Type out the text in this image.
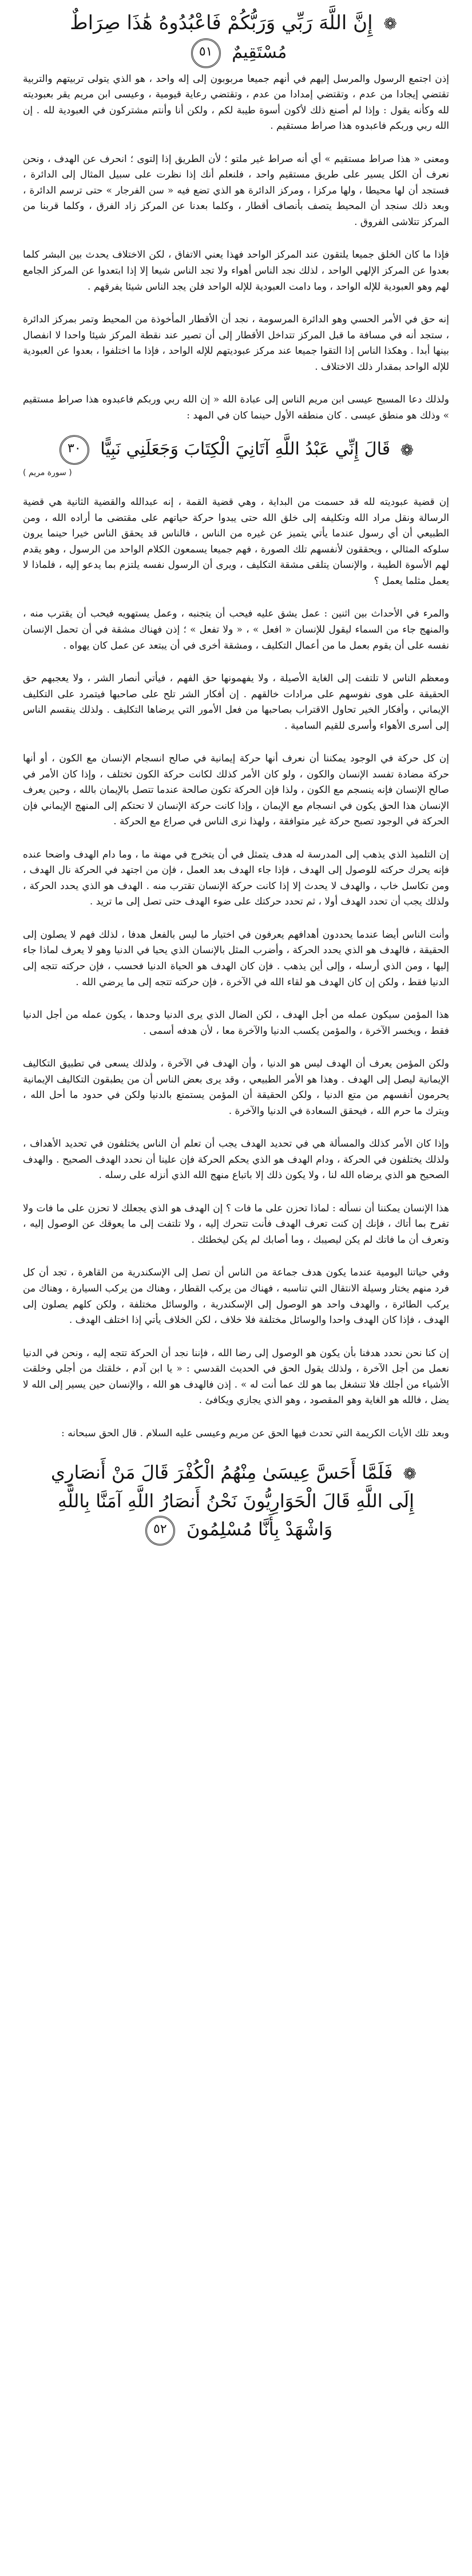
❁ إِنَّ اللَّهَ رَبِّي وَرَبُّكُمْ فَاعْبُدُوهُ هَٰذَا صِرَاطٌ
مُسْتَقِيمٌ ٥١

إذن اجتمع الرسول والمرسل إليهم في أنهم جميعا مربوبون إلى إله واحد ، هو الذي يتولى تربيتهم والتربية تقتضي إيجادا من عدم ، وتقتضي إمدادا من عدم ، وتقتضي رعاية قيومية ، وعيسى ابن مريم يقر بعبوديته لله وكأنه يقول : وإذا لم أصنع ذلك لأكون أسوة طيبة لكم ، ولكن أنا وأنتم مشتركون في العبودية لله . إن الله ربي وربكم فاعبدوه هذا صراط مستقيم .

ومعنى « هذا صراط مستقيم » أي أنه صراط غير ملتو ؛ لأن الطريق إذا إلتوى ؛ انحرف عن الهدف ، ونحن نعرف أن الكل يسير على طريق مستقيم واحد ، فلنعلم أنك إذا نظرت على سبيل المثال إلى الدائرة ، فستجد أن لها محيطا ، ولها مركزا ، ومركز الدائرة هو الذي تضع فيه « سن الفرجار » حتى ترسم الدائرة ، وبعد ذلك سنجد أن المحيط يتصف بأنصاف أقطار ، وكلما بعدنا عن المركز زاد الفرق ، وكلما قربنا من المركز تتلاشى الفروق .

فإذا ما كان الخلق جميعا يلتقون عند المركز الواحد فهذا يعني الاتفاق ، لكن الاختلاف يحدث بين البشر كلما بعدوا عن المركز الإلهي الواحد ، لذلك نجد الناس أهواء ولا تجد الناس شيعا إلا إذا ابتعدوا عن المركز الجامع لهم وهو العبودية للإله الواحد ، وما دامت العبودية للإله الواحد فلن يجد الناس شيئا يفرقهم .

إنه حق في الأمر الحسي وهو الدائرة المرسومة ، نجد أن الأقطار المأخوذة من المحيط وتمر بمركز الدائرة ، ستجد أنه في مسافة ما قبل المركز تتداخل الأقطار إلى أن تصير عند نقطة المركز شيئا واحدا لا انفصال بينها أبدا . وهكذا الناس إذا التقوا جميعا عند مركز عبوديتهم للإله الواحد ، فإذا ما اختلفوا ، بعدوا عن العبودية للإله الواحد بمقدار ذلك الاختلاف .

ولذلك دعا المسيح عيسى ابن مريم الناس إلى عبادة الله « إن الله ربي وربكم فاعبدوه هذا صراط مستقيم » وذلك هو منطق عيسى . كان منطقه الأول حينما كان في المهد :

❁ قَالَ إِنِّي عَبْدُ اللَّهِ آتَانِيَ الْكِتَابَ وَجَعَلَنِي نَبِيًّا ٣٠
( سورة مريم )

إن قضية عبوديته لله قد حسمت من البداية ، وهي قضية القمة ، إنه عبدالله والقضية الثانية هي قضية الرسالة ونقل مراد الله وتكليفه إلى خلق الله حتى يبدوا حركة حياتهم على مقتضى ما أراده الله ، ومن الطبيعي أن أي رسول عندما يأتي يتميز عن غيره من الناس ، فالناس قد يحقق الناس خيرا حينما يرون سلوكه المثالي ، ويحققون لأنفسهم تلك الصورة ، فهم جميعا يسمعون الكلام الواحد من الرسول ، وهو يقدم لهم الأسوة الطيبة ، والإنسان يتلقى مشقة التكليف ، ويرى أن الرسول نفسه يلتزم بما يدعو إليه ، فلماذا لا يعمل مثلما يعمل ؟

والمرء في الأحداث بين اثنين : عمل يشق عليه فيحب أن يتجنبه ، وعمل يستهويه فيحب أن يقترب منه ، والمنهج جاء من السماء ليقول للإنسان « افعل » ، « ولا تفعل » ؛ إذن فهناك مشقة في أن تحمل الإنسان نفسه على أن يقوم بعمل ما من أعمال التكليف ، ومشقة أخرى في أن يبتعد عن عمل كان يهواه .

ومعظم الناس لا تلتفت إلى الغاية الأصيلة ، ولا يفهمونها حق الفهم ، فيأتي أنصار الشر ، ولا يعجبهم حق الحقيقة على هوى نفوسهم على مرادات خالقهم . إن أفكار الشر تلح على صاحبها فيتمرد على التكليف الإيماني ، وأفكار الخير تحاول الاقتراب بصاحبها من فعل الأمور التي يرضاها التكليف . ولذلك ينقسم الناس إلى أسرى الأهواء وأسرى للقيم السامية .

إن كل حركة في الوجود يمكننا أن نعرف أنها حركة إيمانية في صالح انسجام الإنسان مع الكون ، أو أنها حركة مضادة تفسد الإنسان والكون ، ولو كان الأمر كذلك لكانت حركة الكون تختلف ، وإذا كان الأمر في صالح الإنسان فإنه ينسجم مع الكون ، ولذا فإن الحركة تكون صالحة عندما تتصل بالإيمان بالله ، وحين يعرف الإنسان هذا الحق يكون في انسجام مع الإيمان ، وإذا كانت حركة الإنسان لا تحتكم إلى المنهج الإيماني فإن الحركة في الوجود تصبح حركة غير متوافقة ، ولهذا نرى الناس في صراع مع الحركة .

إن التلميذ الذي يذهب إلى المدرسة له هدف يتمثل في أن يتخرج في مهنة ما ، وما دام الهدف واضحا عنده فإنه يحرك حركته للوصول إلى الهدف ، فإذا جاء الهدف بعد العمل ، فإن من اجتهد في الحركة نال الهدف ، ومن تكاسل خاب ، والهدف لا يحدث إلا إذا كانت حركة الإنسان تقترب منه . الهدف هو الذي يحدد الحركة ، ولذلك يجب أن تحدد الهدف أولا ، ثم تحدد حركتك على ضوء الهدف حتى تصل إلى ما تريد .

وأنت الناس أيضا عندما يحددون أهدافهم يعرفون في اختيار ما ليس بالفعل هدفا ، لذلك فهم لا يصلون إلى الحقيقة ، فالهدف هو الذي يحدد الحركة ، وأضرب المثل بالإنسان الذي يحيا في الدنيا وهو لا يعرف لماذا جاء إليها ، ومن الذي أرسله ، وإلى أين يذهب . فإن كان الهدف هو الحياة الدنيا فحسب ، فإن حركته تتجه إلى الدنيا فقط ، ولكن إن كان الهدف هو لقاء الله في الآخرة ، فإن حركته تتجه إلى ما يرضي الله .

هذا المؤمن سيكون عمله من أجل الهدف ، لكن الضال الذي يرى الدنيا وحدها ، يكون عمله من أجل الدنيا فقط ، ويخسر الآخرة ، والمؤمن يكسب الدنيا والآخرة معا ، لأن هدفه أسمى .

ولكن المؤمن يعرف أن الهدف ليس هو الدنيا ، وأن الهدف في الآخرة ، ولذلك يسعى في تطبيق التكاليف الإيمانية ليصل إلى الهدف . وهذا هو الأمر الطبيعي ، وقد يرى بعض الناس أن من يطبقون التكاليف الإيمانية يحرمون أنفسهم من متع الدنيا ، ولكن الحقيقة أن المؤمن يستمتع بالدنيا ولكن في حدود ما أحل الله ، ويترك ما حرم الله ، فيحقق السعادة في الدنيا والآخرة .

وإذا كان الأمر كذلك والمسألة هي في تحديد الهدف يجب أن تعلم أن الناس يختلفون في تحديد الأهداف ، ولذلك يختلفون في الحركة ، ودام الهدف هو الذي يحكم الحركة فإن علينا أن نحدد الهدف الصحيح . والهدف الصحيح هو الذي يرضاه الله لنا ، ولا يكون ذلك إلا باتباع منهج الله الذي أنزله على رسله .

هذا الإنسان يمكننا أن نسأله : لماذا تحزن على ما فات ؟ إن الهدف هو الذي يجعلك لا تحزن على ما فات ولا تفرح بما أتاك ، فإنك إن كنت تعرف الهدف فأنت تتحرك إليه ، ولا تلتفت إلى ما يعوقك عن الوصول إليه ، وتعرف أن ما فاتك لم يكن ليصيبك ، وما أصابك لم يكن ليخطئك .

وفي حياتنا اليومية عندما يكون هدف جماعة من الناس أن تصل إلى الإسكندرية من القاهرة ، تجد أن كل فرد منهم يختار وسيلة الانتقال التي تناسبه ، فهناك من يركب القطار ، وهناك من يركب السيارة ، وهناك من يركب الطائرة ، والهدف واحد هو الوصول إلى الإسكندرية ، والوسائل مختلفة ، ولكن كلهم يصلون إلى الهدف ، فإذا كان الهدف واحدا والوسائل مختلفة فلا خلاف ، لكن الخلاف يأتي إذا اختلف الهدف .

إن كنا نحن نحدد هدفنا بأن يكون هو الوصول إلى رضا الله ، فإننا نجد أن الحركة تتجه إليه ، ونحن في الدنيا نعمل من أجل الآخرة ، ولذلك يقول الحق في الحديث القدسي : « يا ابن آدم ، خلقتك من أجلي وخلقت الأشياء من أجلك فلا تنشغل بما هو لك عما أنت له » . إذن فالهدف هو الله ، والإنسان حين يسير إلى الله لا يضل ، فالله هو الغاية وهو المقصود ، وهو الذي يجازي ويكافئ .

وبعد تلك الأيات الكريمة التي تحدث فيها الحق عن مريم وعيسى عليه السلام . قال الحق سبحانه :

❁ فَلَمَّا أَحَسَّ عِيسَىٰ مِنْهُمُ الْكُفْرَ قَالَ مَنْ أَنصَارِي
إِلَى اللَّهِ قَالَ الْحَوَارِيُّونَ نَحْنُ أَنصَارُ اللَّهِ آمَنَّا بِاللَّهِ
وَاشْهَدْ بِأَنَّا مُسْلِمُونَ ٥٢
